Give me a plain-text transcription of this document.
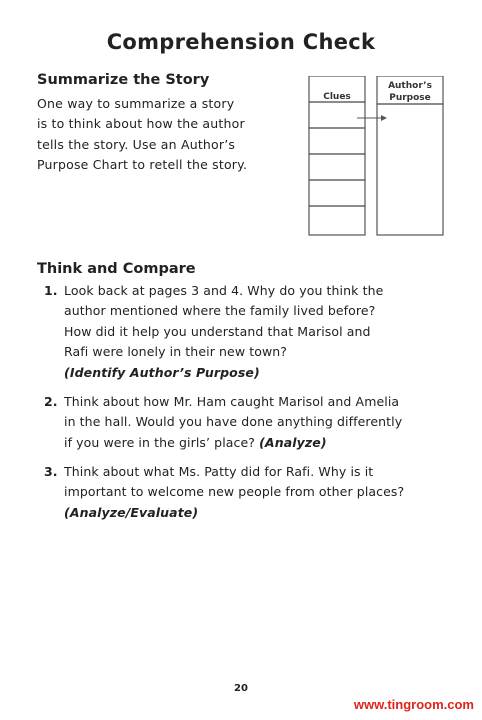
Comprehension Check
Summarize the Story
One way to summarize a story
is to think about how the author
tells the story. Use an Author’s
Purpose Chart to retell the story.
Clues
Author’s
Purpose
Think and Compare
1. Look back at pages 3 and 4. Why do you think the
author mentioned where the family lived before?
How did it help you understand that Marisol and
Rafi were lonely in their new town?
(Identify Author’s Purpose)
2. Think about how Mr. Ham caught Marisol and Amelia
in the hall. Would you have done anything differently
if you were in the girls’ place? (Analyze)
3. Think about what Ms. Patty did for Rafi. Why is it
important to welcome new people from other places?
(Analyze/Evaluate)
20
www.tingroom.com
